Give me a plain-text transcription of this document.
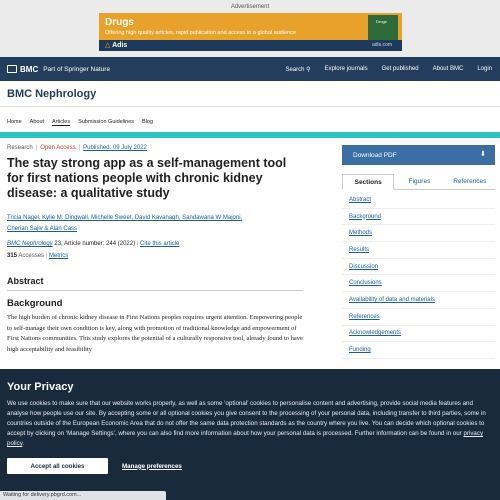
Advertisement
Drugs
Offering high quality articles, rapid publication and access to a global audience
Drugs
△ Adis	adis.com
BMC Part of Springer Nature	Search ⚲ Explore journals Get published About BMC Login
BMC Nephrology
Home About Articles Submission Guidelines Blog
Research | Open Access | Published: 09 July 2022
The stay strong app as a self-management tool for first nations people with chronic kidney disease: a qualitative study
Tricia Nagel, Kylie M. Dingwall, Michelle Sweet, David Kavanagh, Sandawana W Majoni,
Cherian Sajiv & Alan Cass
BMC Nephrology 23, Article number: 244 (2022) | Cite this article
315 Accesses | Metrics
Abstract
Background

The high burden of chronic kidney disease in First Nations peoples requires urgent attention. Empowering people to self-manage their own condition is key, along with promotion of traditional knowledge and empowerment of First Nations communities. This study explores the potential of a culturally responsive tool, already found to have high acceptability and feasibility

Download PDF	⬇
Sections	Figures	References
Abstract
Background
Methods
Results
Discussion
Conclusions
Availability of data and materials
References
Acknowledgements
Funding
Your Privacy

We use cookies to make sure that our website works properly, as well as some ‘optional’ cookies to personalise content and advertising, provide social media features and analyse how people use our site. By accepting some or all optional cookies you give consent to the processing of your personal data, including transfer to third parties, some in countries outside of the European Economic Area that do not offer the same data protection standards as the country where you live. You can decide which optional cookies to accept by clicking on ‘Manage Settings’, where you can also find more information about how your personal data is processed. Further information can be found in our privacy policy.

Accept all cookies	Manage preferences
Waiting for delivery.pbgrd.com...
